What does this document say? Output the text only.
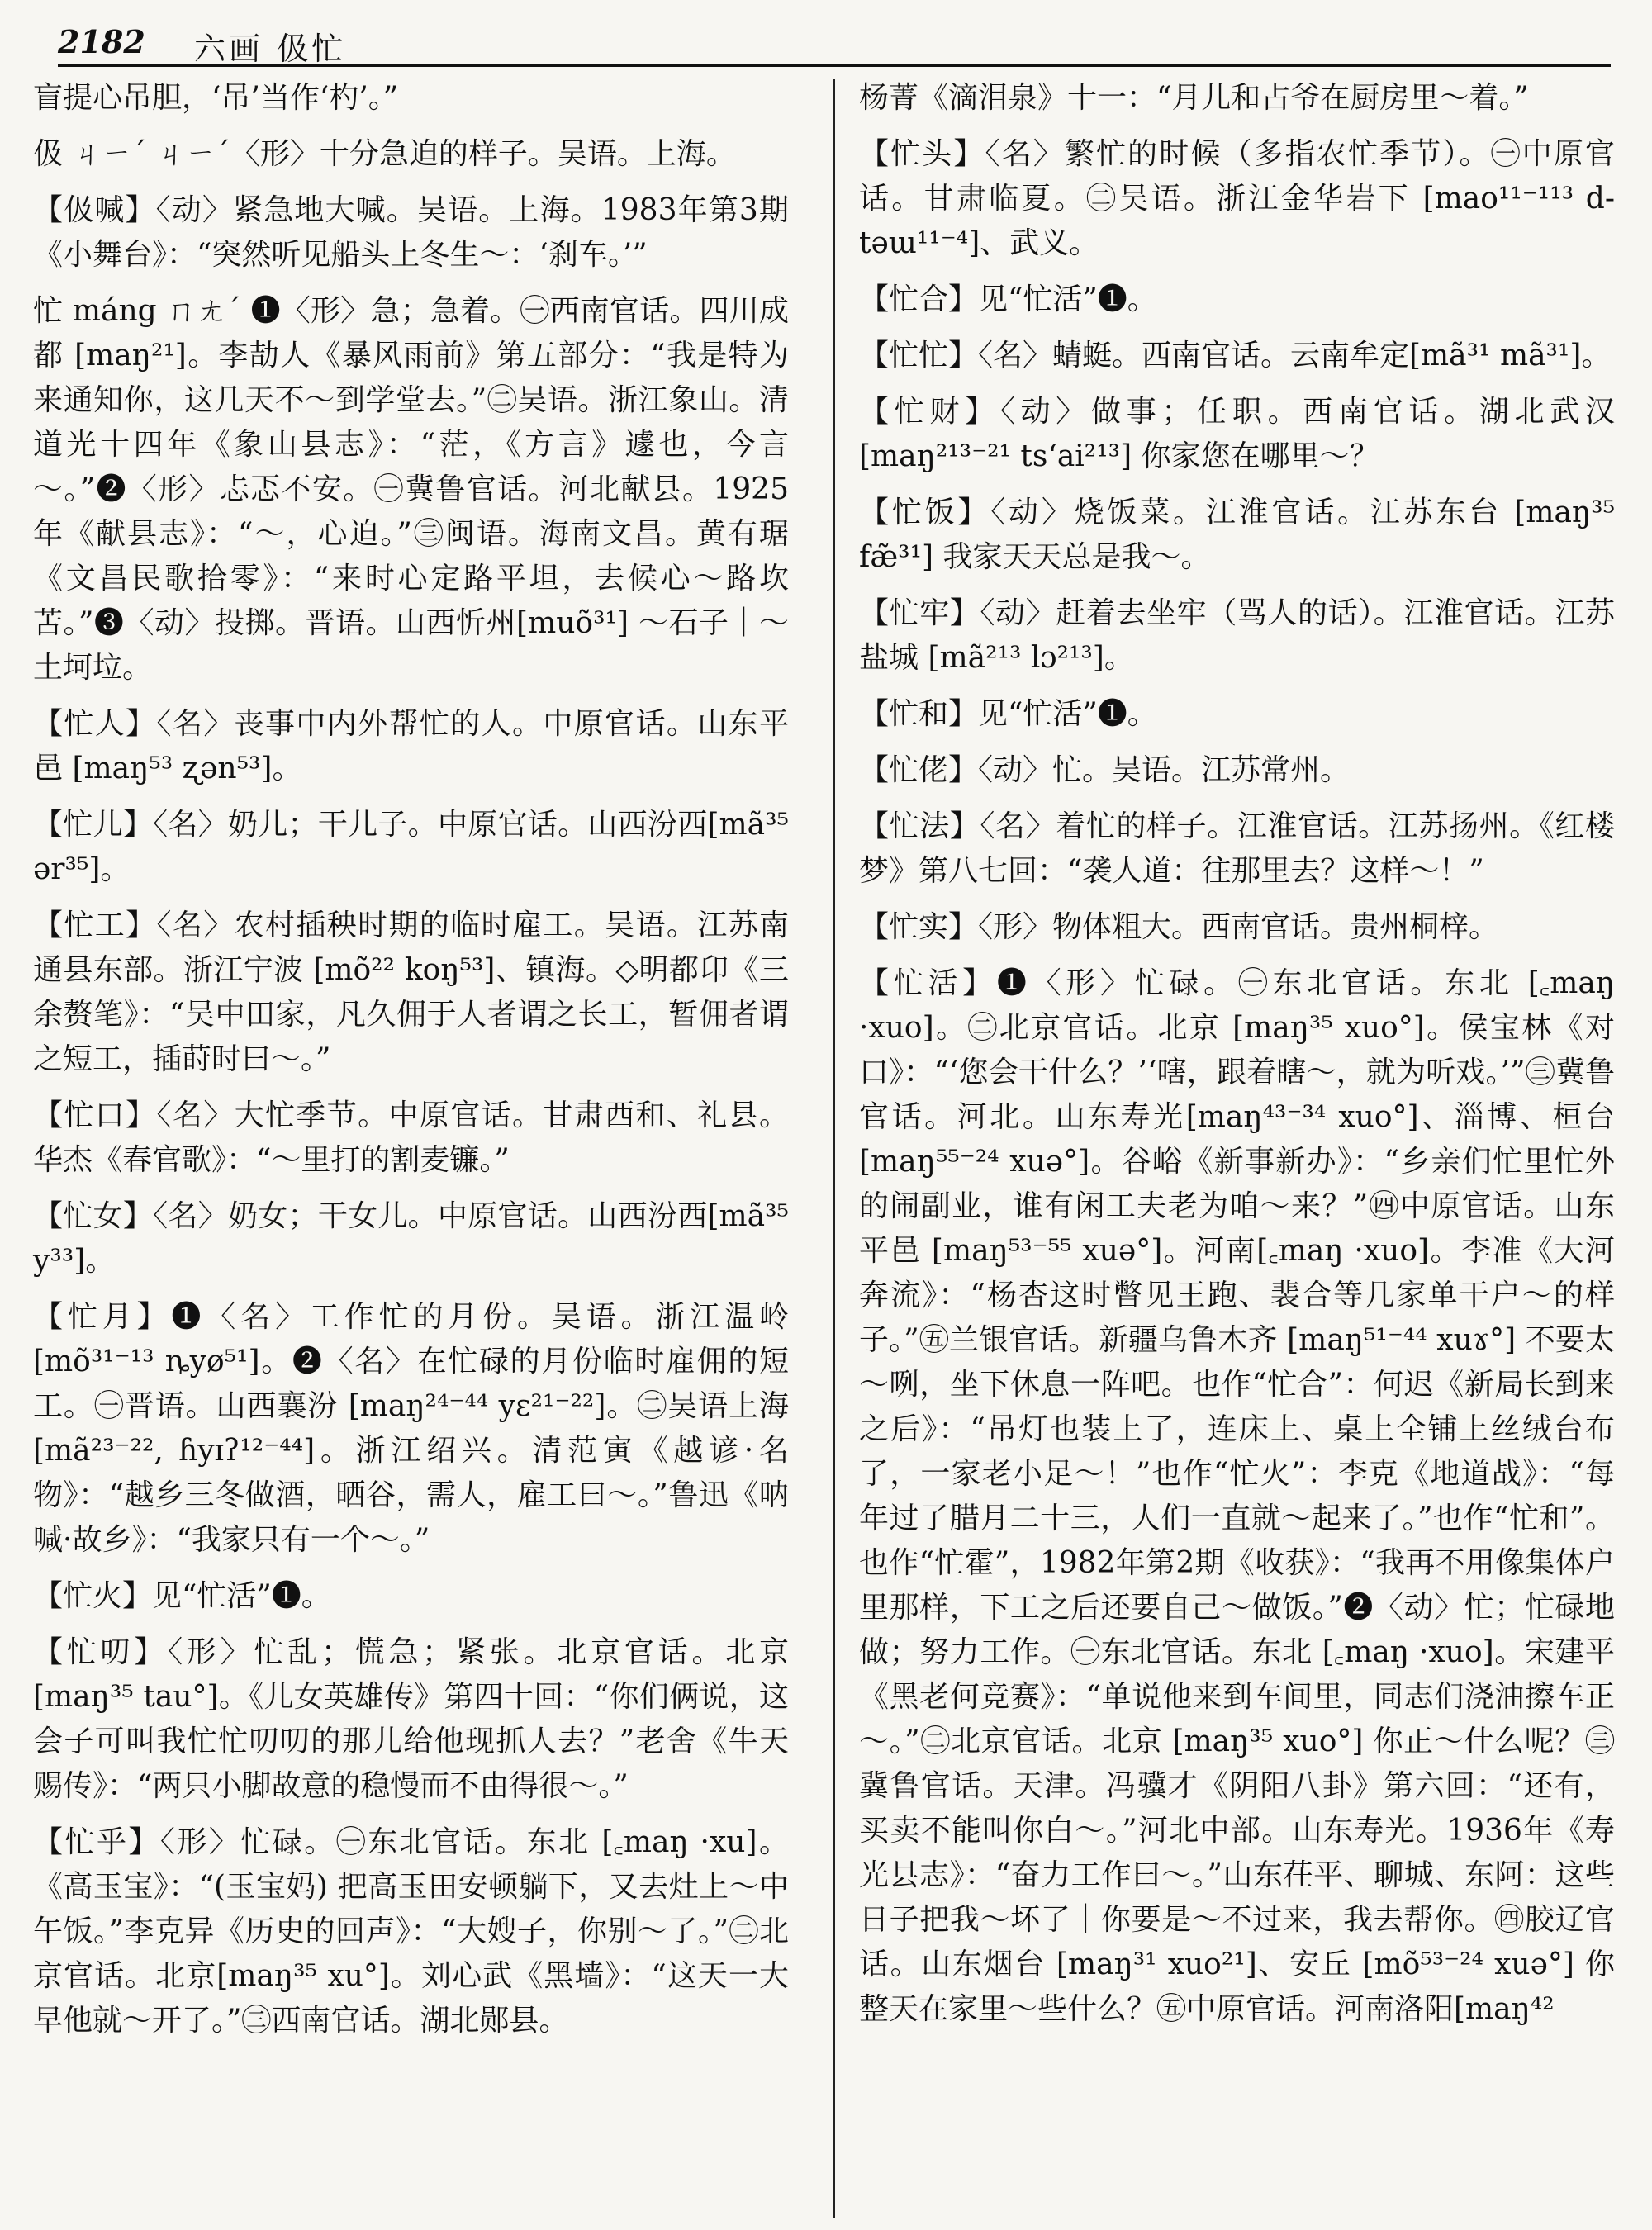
2182 六画 伋忙

盲提心吊胆，‘吊’当作‘杓’。”

伋 ㄐㄧˊ ㄐㄧˊ〈形〉十分急迫的样子。吴语。上海。

【伋喊】〈动〉紧急地大喊。吴语。上海。1983年第3期《小舞台》：“突然听见船头上冬生～：‘刹车。’”

忙 máng ㄇㄤˊ ❶〈形〉急；急着。㊀西南官话。四川成都 [maŋ²¹]。李劼人《暴风雨前》第五部分：“我是特为来通知你，这几天不～到学堂去。”㊁吴语。浙江象山。清道光十四年《象山县志》：“茫，《方言》遽也，今言～。”❷〈形〉忐忑不安。㊀冀鲁官话。河北献县。1925年《献县志》：“～，心迫。”㊂闽语。海南文昌。黄有琚《文昌民歌拾零》：“来时心定路平坦，去候心～路坎苦。”❸〈动〉投掷。晋语。山西忻州[muõ³¹] ～石子｜～土坷垃。

【忙人】〈名〉丧事中内外帮忙的人。中原官话。山东平邑 [maŋ⁵³ ʐən⁵³]。

【忙儿】〈名〉奶儿；干儿子。中原官话。山西汾西[mã³⁵ ər³⁵]。

【忙工】〈名〉农村插秧时期的临时雇工。吴语。江苏南通县东部。浙江宁波 [mõ²² koŋ⁵³]、镇海。◇明都卬《三余赘笔》：“吴中田家，凡久佣于人者谓之长工，暂佣者谓之短工，插莳时曰～。”

【忙口】〈名〉大忙季节。中原官话。甘肃西和、礼县。华杰《春官歌》：“～里打的割麦镰。”

【忙女】〈名〉奶女；干女儿。中原官话。山西汾西[mã³⁵ y³³]。

【忙月】❶〈名〉工作忙的月份。吴语。浙江温岭 [mõ³¹⁻¹³ ȵyø⁵¹]。❷〈名〉在忙碌的月份临时雇佣的短工。㊀晋语。山西襄汾 [maŋ²⁴⁻⁴⁴ yɛ²¹⁻²²]。㊁吴语上海 [mã²³⁻²², ɦyɪʔ¹²⁻⁴⁴]。浙江绍兴。清范寅《越谚·名物》：“越乡三冬做酒，晒谷，需人，雇工曰～。”鲁迅《呐喊·故乡》：“我家只有一个～。”

【忙火】见“忙活”❶。

【忙叨】〈形〉忙乱；慌急；紧张。北京官话。北京 [maŋ³⁵ tau°]。《儿女英雄传》第四十回：“你们俩说，这会子可叫我忙忙叨叨的那儿给他现抓人去？”老舍《牛天赐传》：“两只小脚故意的稳慢而不由得很～。”

【忙乎】〈形〉忙碌。㊀东北官话。东北 [꜀maŋ ·xu]。《高玉宝》：“(玉宝妈) 把高玉田安顿躺下，又去灶上～中午饭。”李克异《历史的回声》：“大嫂子，你别～了。”㊁北京官话。北京[maŋ³⁵ xu°]。刘心武《黑墙》：“这天一大早他就～开了。”㊂西南官话。湖北郧县。

杨菁《滴泪泉》十一：“月儿和占爷在厨房里～着。”

【忙头】〈名〉繁忙的时候（多指农忙季节）。㊀中原官话。甘肃临夏。㊁吴语。浙江金华岩下 [mao¹¹⁻¹¹³ d-təɯ¹¹⁻⁴]、武义。

【忙合】见“忙活”❶。

【忙忙】〈名〉蜻蜓。西南官话。云南牟定[mã³¹ mã³¹]。

【忙财】〈动〉做事；任职。西南官话。湖北武汉 [maŋ²¹³⁻²¹ tsʻai²¹³] 你家您在哪里～？

【忙饭】〈动〉烧饭菜。江淮官话。江苏东台 [maŋ³⁵ fæ̃³¹] 我家天天总是我～。

【忙牢】〈动〉赶着去坐牢（骂人的话）。江淮官话。江苏盐城 [mã²¹³ lɔ²¹³]。

【忙和】见“忙活”❶。

【忙佬】〈动〉忙。吴语。江苏常州。

【忙法】〈名〉着忙的样子。江淮官话。江苏扬州。《红楼梦》第八七回：“袭人道：往那里去？这样～！”

【忙实】〈形〉物体粗大。西南官话。贵州桐梓。

【忙活】❶〈形〉忙碌。㊀东北官话。东北 [꜀maŋ ·xuo]。㊁北京官话。北京 [maŋ³⁵ xuo°]。侯宝林《对口》：“‘您会干什么？’‘嗐，跟着瞎～，就为听戏。’”㊂冀鲁官话。河北。山东寿光[maŋ⁴³⁻³⁴ xuo°]、淄博、桓台[maŋ⁵⁵⁻²⁴ xuə°]。谷峪《新事新办》：“乡亲们忙里忙外的闹副业，谁有闲工夫老为咱～来？”㊃中原官话。山东平邑 [maŋ⁵³⁻⁵⁵ xuə°]。河南[꜀maŋ ·xuo]。李准《大河奔流》：“杨杏这时瞥见王跑、裴合等几家单干户～的样子。”㊄兰银官话。新疆乌鲁木齐 [maŋ⁵¹⁻⁴⁴ xuɤ°] 不要太～咧，坐下休息一阵吧。也作“忙合”：何迟《新局长到来之后》：“吊灯也装上了，连床上、桌上全铺上丝绒台布了，一家老小足～！”也作“忙火”：李克《地道战》：“每年过了腊月二十三，人们一直就～起来了。”也作“忙和”。也作“忙霍”，1982年第2期《收获》：“我再不用像集体户里那样，下工之后还要自己～做饭。”❷〈动〉忙；忙碌地做；努力工作。㊀东北官话。东北 [꜀maŋ ·xuo]。宋建平《黑老何竞赛》：“单说他来到车间里，同志们浇油擦车正～。”㊁北京官话。北京 [maŋ³⁵ xuo°] 你正～什么呢？㊂冀鲁官话。天津。冯骥才《阴阳八卦》第六回：“还有，买卖不能叫你白～。”河北中部。山东寿光。1936年《寿光县志》：“奋力工作曰～。”山东茌平、聊城、东阿：这些日子把我～坏了｜你要是～不过来，我去帮你。㊃胶辽官话。山东烟台 [maŋ³¹ xuo²¹]、安丘 [mõ⁵³⁻²⁴ xuə°] 你整天在家里～些什么？㊄中原官话。河南洛阳[maŋ⁴²
